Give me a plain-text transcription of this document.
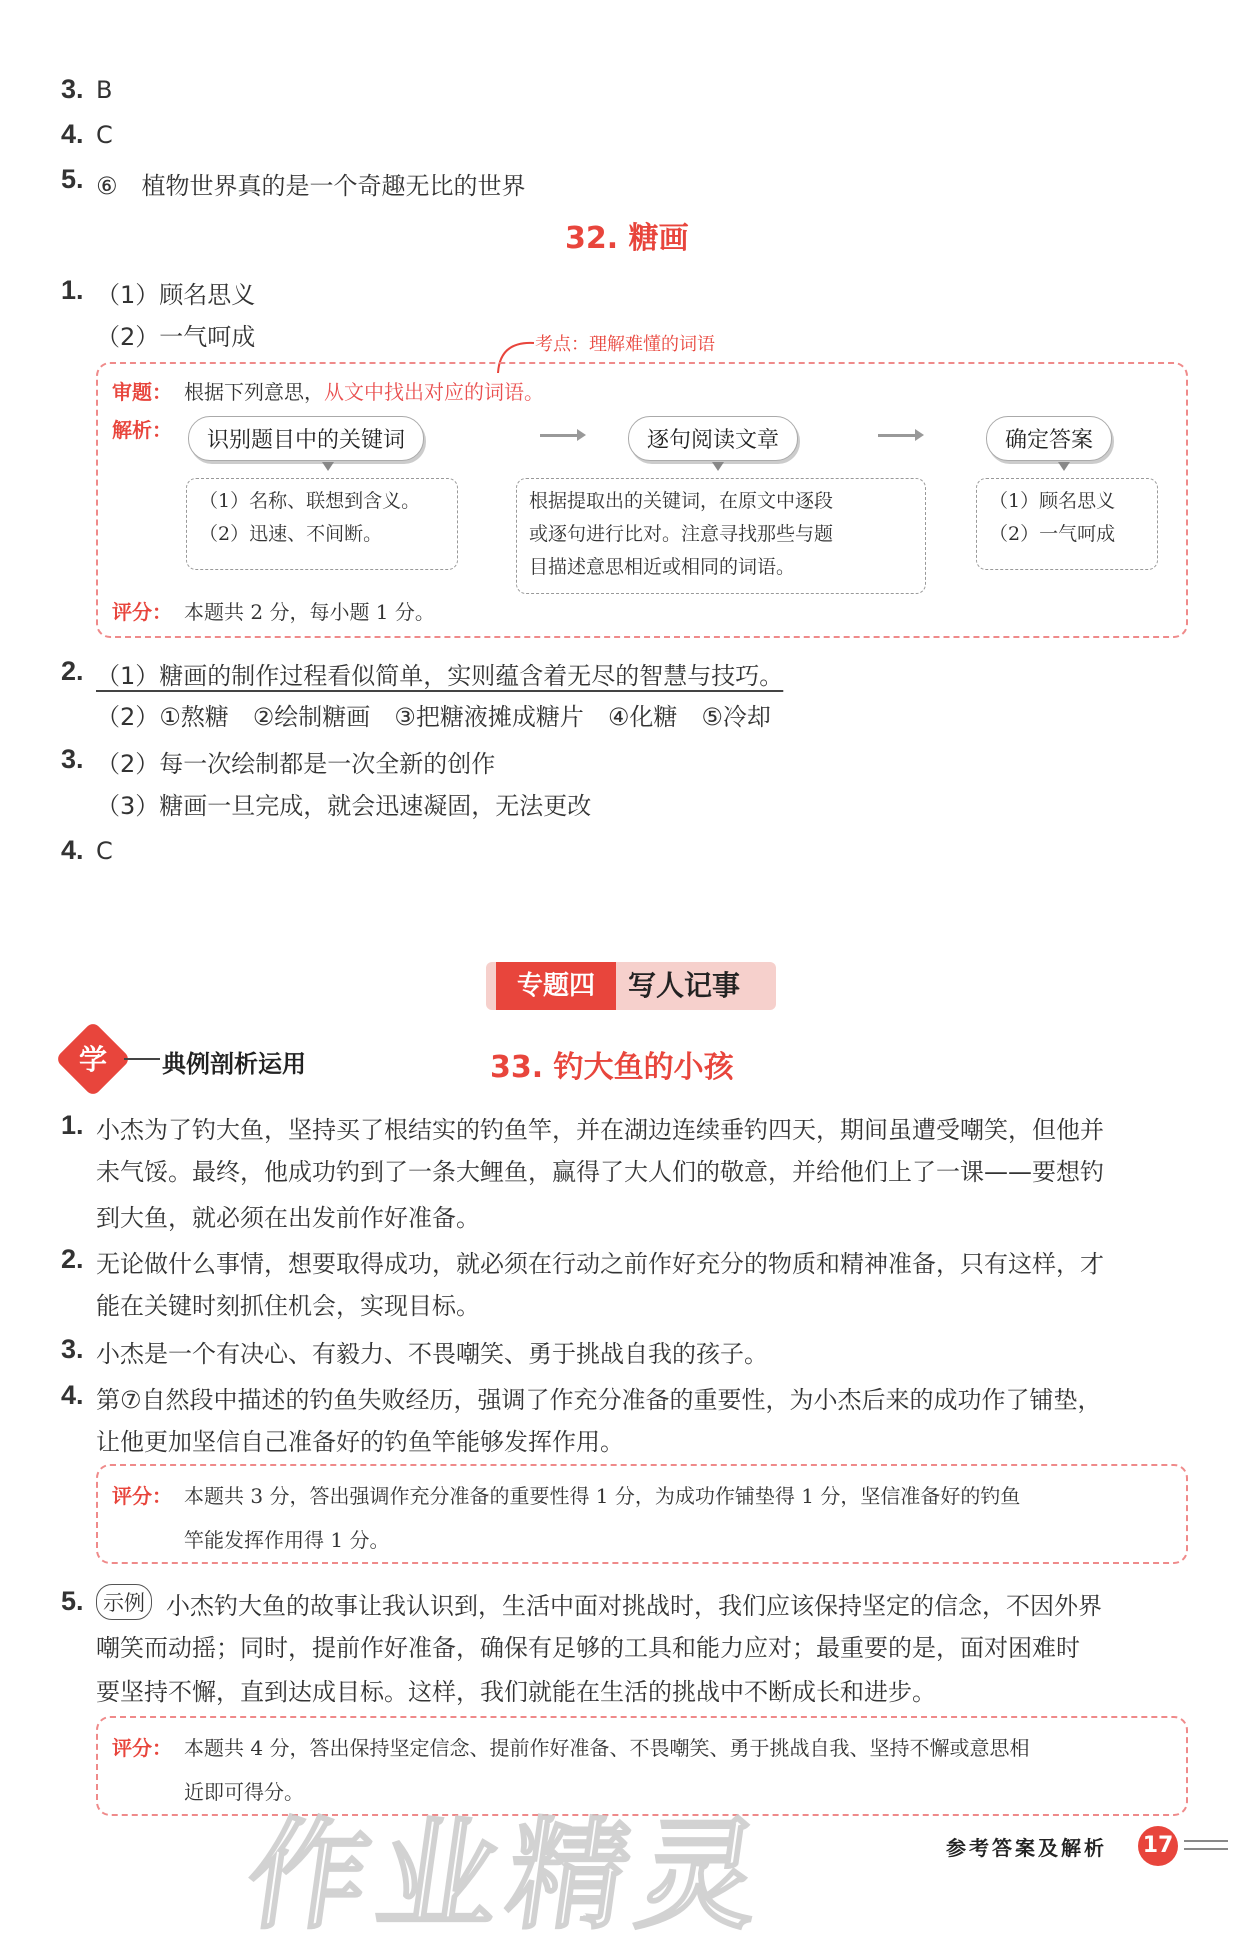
3. B
4. C
5. ⑥　植物世界真的是一个奇趣无比的世界
32. 糖画
1. （1）顾名思义
（2）一气呵成	考点：理解难懂的词语
审题： 根据下列意思，从文中找出对应的词语。
解析：	识别题目中的关键词	逐句阅读文章	确定答案
（1）名称、联想到含义。
（2）迅速、不间断。
根据提取出的关键词，在原文中逐段
或逐句进行比对。注意寻找那些与题
目描述意思相近或相同的词语。
（1）顾名思义
（2）一气呵成
评分： 本题共 2 分，每小题 1 分。
2. （1）糖画的制作过程看似简单，实则蕴含着无尽的智慧与技巧。
（2）①熬糖　②绘制糖画　③把糖液摊成糖片　④化糖　⑤冷却
3. （2）每一次绘制都是一次全新的创作
（3）糖画一旦完成，就会迅速凝固，无法更改
4. C
专题四	写人记事
学	典例剖析运用	33. 钓大鱼的小孩
1. 小杰为了钓大鱼，坚持买了根结实的钓鱼竿，并在湖边连续垂钓四天，期间虽遭受嘲笑，但他并
未气馁。最终，他成功钓到了一条大鲤鱼，赢得了大人们的敬意，并给他们上了一课——要想钓
到大鱼，就必须在出发前作好准备。
2. 无论做什么事情，想要取得成功，就必须在行动之前作好充分的物质和精神准备，只有这样，才
能在关键时刻抓住机会，实现目标。
3. 小杰是一个有决心、有毅力、不畏嘲笑、勇于挑战自我的孩子。
4. 第⑦自然段中描述的钓鱼失败经历，强调了作充分准备的重要性，为小杰后来的成功作了铺垫，
让他更加坚信自己准备好的钓鱼竿能够发挥作用。
评分： 本题共 3 分，答出强调作充分准备的重要性得 1 分，为成功作铺垫得 1 分，坚信准备好的钓鱼
竿能发挥作用得 1 分。
5. 示例 小杰钓大鱼的故事让我认识到，生活中面对挑战时，我们应该保持坚定的信念，不因外界
嘲笑而动摇；同时，提前作好准备，确保有足够的工具和能力应对；最重要的是，面对困难时
要坚持不懈，直到达成目标。这样，我们就能在生活的挑战中不断成长和进步。
评分： 本题共 4 分，答出保持坚定信念、提前作好准备、不畏嘲笑、勇于挑战自我、坚持不懈或意思相
近即可得分。
作业精灵	参考答案及解析 17
